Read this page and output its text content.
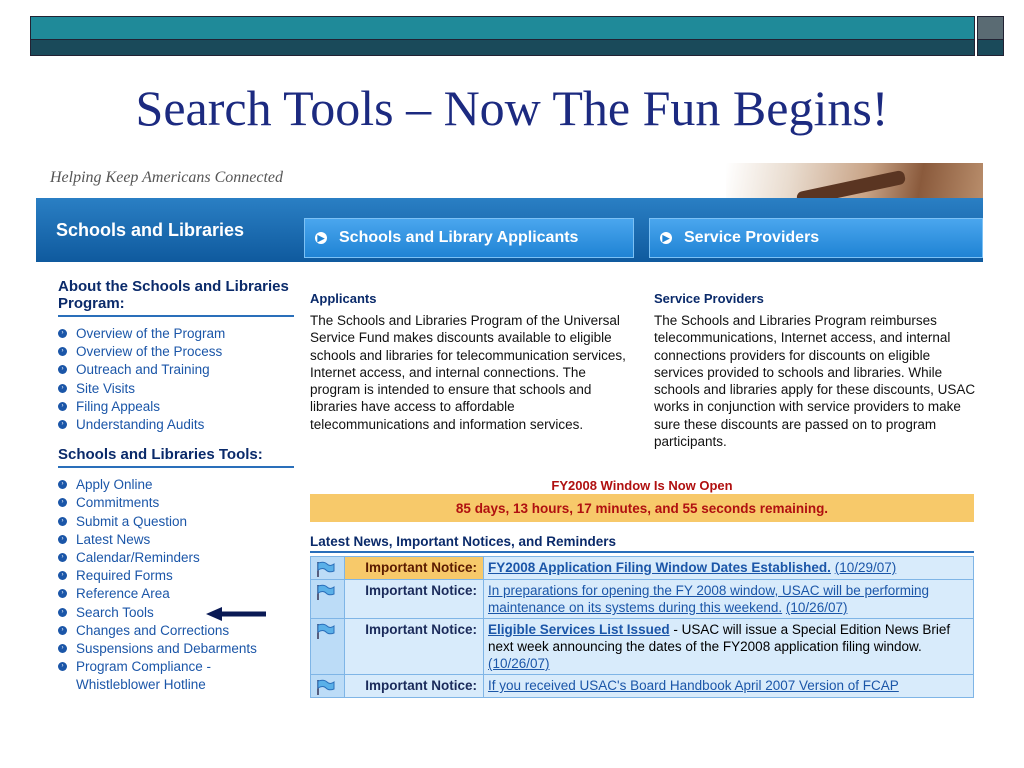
Search Tools – Now The Fun Begins!
Helping Keep Americans Connected
Schools and Libraries	▶ Schools and Library Applicants	▶ Service Providers
About the Schools and Libraries Program:
› Overview of the Program
› Overview of the Process
› Outreach and Training
› Site Visits
› Filing Appeals
› Understanding Audits
Schools and Libraries Tools:
› Apply Online
› Commitments
› Submit a Question
› Latest News
› Calendar/Reminders
› Required Forms
› Reference Area
› Search Tools
› Changes and Corrections
› Suspensions and Debarments
› Program Compliance - Whistleblower Hotline
Applicants
The Schools and Libraries Program of the Universal Service Fund makes discounts available to eligible schools and libraries for telecommunication services, Internet access, and internal connections. The program is intended to ensure that schools and libraries have access to affordable telecommunications and information services.
Service Providers
The Schools and Libraries Program reimburses telecommunications, Internet access, and internal connections providers for discounts on eligible services provided to schools and libraries. While schools and libraries apply for these discounts, USAC works in conjunction with service providers to make sure these discounts are passed on to program participants.
FY2008 Window Is Now Open
85 days, 13 hours, 17 minutes, and 55 seconds remaining.
Latest News, Important Notices, and Reminders
	Important Notice:	FY2008 Application Filing Window Dates Established. (10/29/07)

	Important Notice:	In preparations for opening the FY 2008 window, USAC will be performing maintenance on its systems during this weekend. (10/26/07)

	Important Notice:	Eligible Services List Issued - USAC will issue a Special Edition News Brief next week announcing the dates of the FY2008 application filing window. (10/26/07)

	Important Notice:	If you received USAC's Board Handbook April 2007 Version of FCAP
